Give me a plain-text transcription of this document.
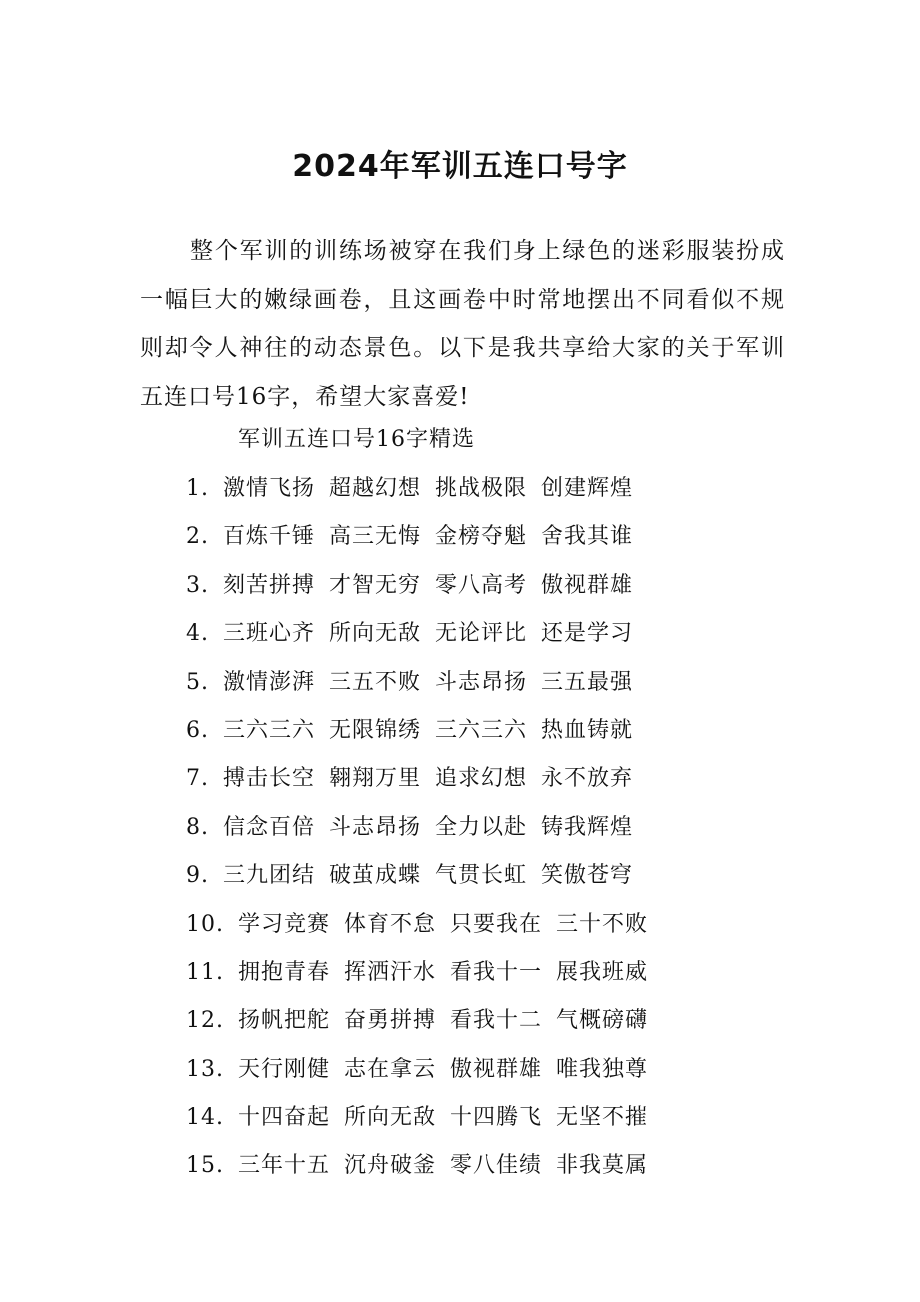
2024年军训五连口号字

整个军训的训练场被穿在我们身上绿色的迷彩服装扮成一幅巨大的嫩绿画卷，且这画卷中时常地摆出不同看似不规则却令人神往的动态景色。以下是我共享给大家的关于军训五连口号16字，希望大家喜爱!

军训五连口号16字精选
1. 激情飞扬 超越幻想 挑战极限 创建辉煌
2. 百炼千锤 高三无悔 金榜夺魁 舍我其谁
3. 刻苦拼搏 才智无穷 零八高考 傲视群雄
4. 三班心齐 所向无敌 无论评比 还是学习
5. 激情澎湃 三五不败 斗志昂扬 三五最强
6. 三六三六 无限锦绣 三六三六 热血铸就
7. 搏击长空 翱翔万里 追求幻想 永不放弃
8. 信念百倍 斗志昂扬 全力以赴 铸我辉煌
9. 三九团结 破茧成蝶 气贯长虹 笑傲苍穹
10. 学习竞赛 体育不怠 只要我在 三十不败
11. 拥抱青春 挥洒汗水 看我十一 展我班威
12. 扬帆把舵 奋勇拼搏 看我十二 气概磅礴
13. 天行刚健 志在拿云 傲视群雄 唯我独尊
14. 十四奋起 所向无敌 十四腾飞 无坚不摧
15. 三年十五 沉舟破釜 零八佳绩 非我莫属
